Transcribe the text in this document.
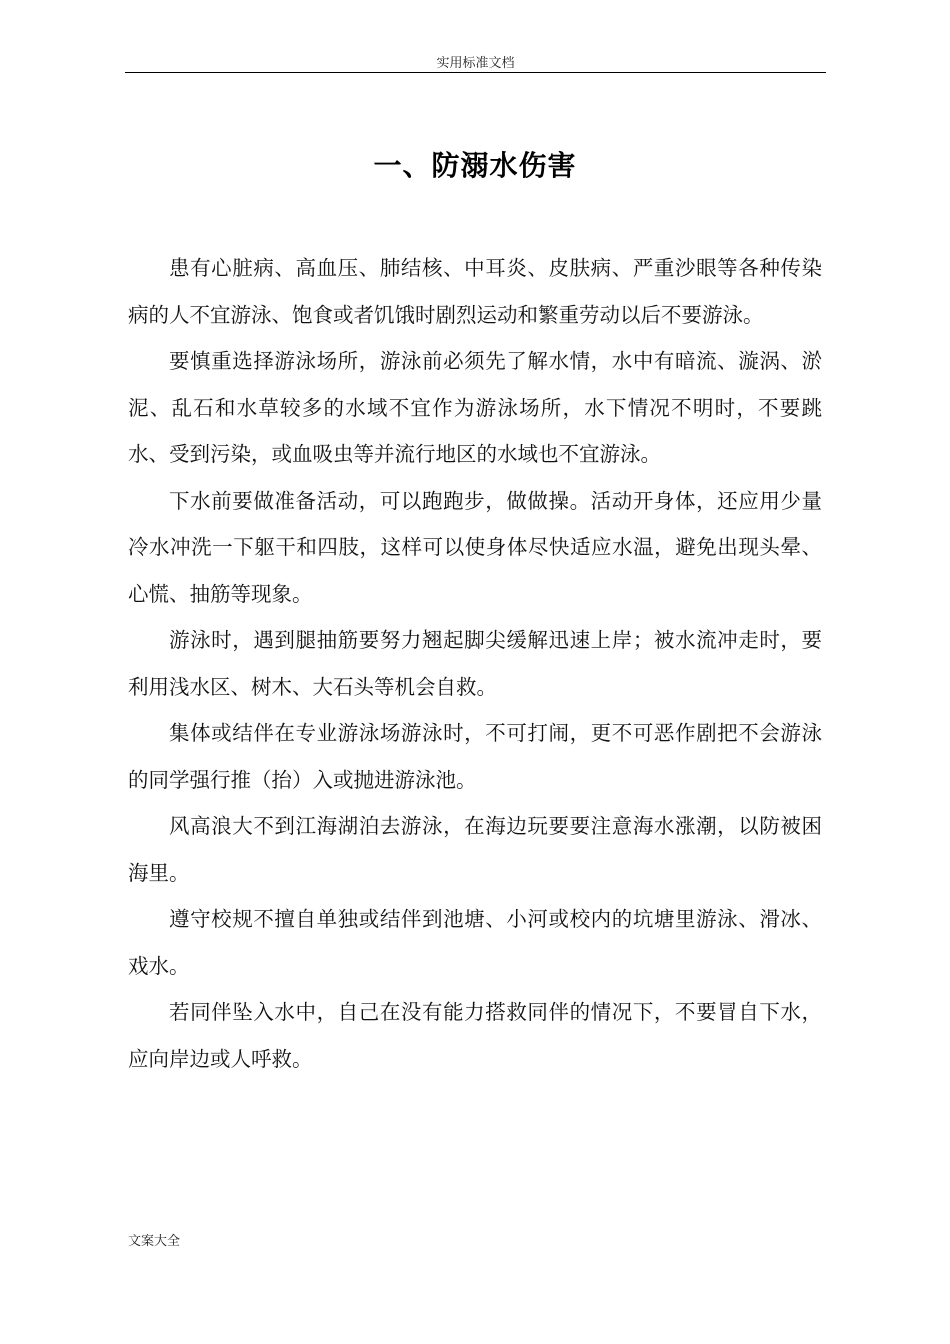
实用标准文档
一、防溺水伤害

患有心脏病、高血压、肺结核、中耳炎、皮肤病、严重沙眼等各种传染病的人不宜游泳、饱食或者饥饿时剧烈运动和繁重劳动以后不要游泳。

要慎重选择游泳场所，游泳前必须先了解水情，水中有暗流、漩涡、淤泥、乱石和水草较多的水域不宜作为游泳场所，水下情况不明时，不要跳水、受到污染，或血吸虫等并流行地区的水域也不宜游泳。

下水前要做准备活动，可以跑跑步，做做操。活动开身体，还应用少量冷水冲洗一下躯干和四肢，这样可以使身体尽快适应水温，避免出现头晕、心慌、抽筋等现象。

游泳时，遇到腿抽筋要努力翘起脚尖缓解迅速上岸；被水流冲走时，要利用浅水区、树木、大石头等机会自救。

集体或结伴在专业游泳场游泳时，不可打闹，更不可恶作剧把不会游泳的同学强行推（抬）入或抛进游泳池。

风高浪大不到江海湖泊去游泳，在海边玩要要注意海水涨潮，以防被困海里。

遵守校规不擅自单独或结伴到池塘、小河或校内的坑塘里游泳、滑冰、戏水。

若同伴坠入水中，自己在没有能力搭救同伴的情况下，不要冒自下水，应向岸边或人呼救。

文案大全
